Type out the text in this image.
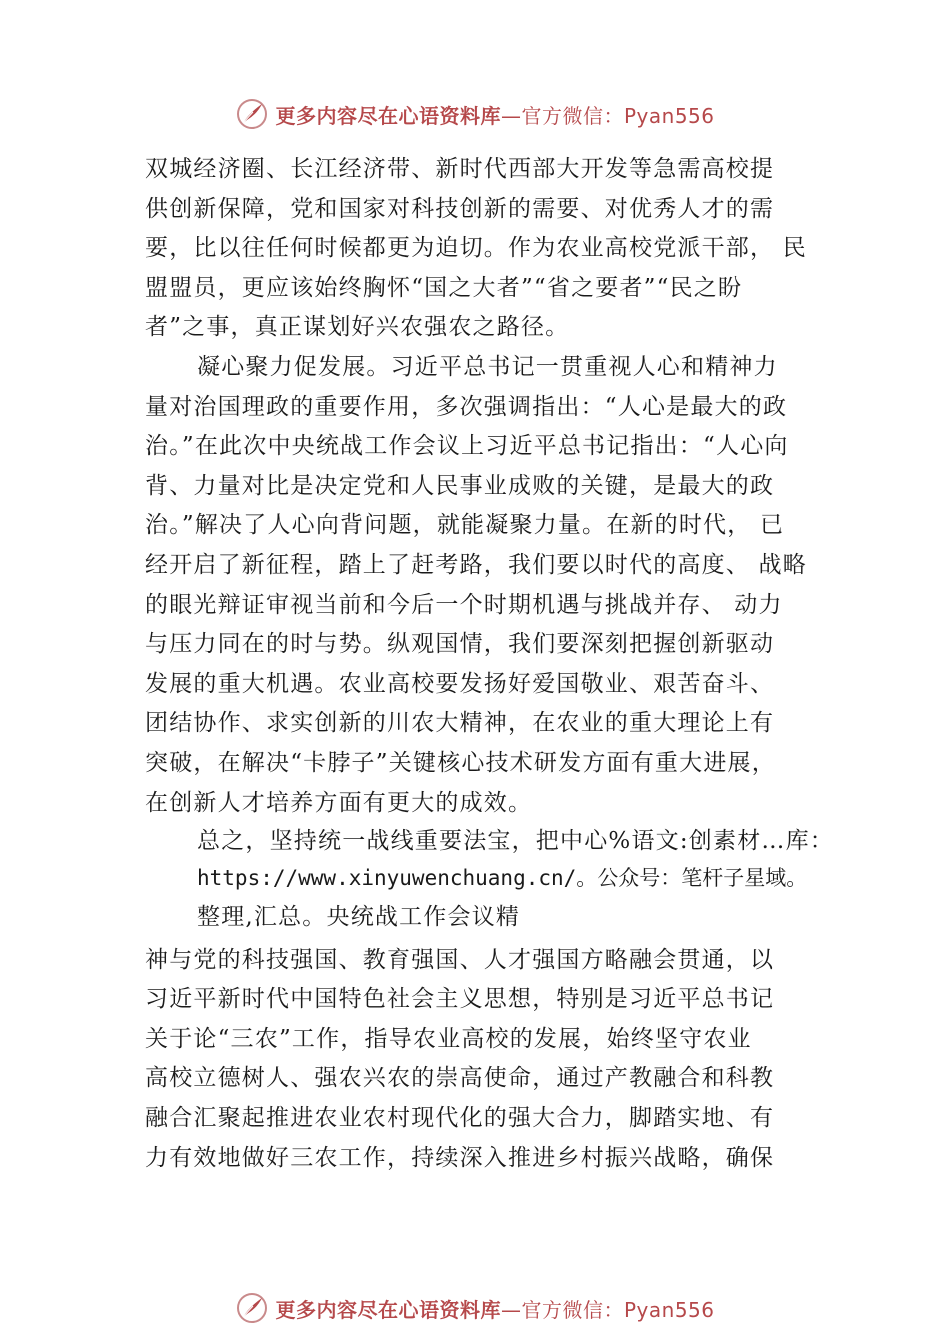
更多内容尽在心语资料库—官方微信：Pyan556
双城经济圈、长江经济带、新时代西部大开发等急需高校提
供创新保障，党和国家对科技创新的需要、对优秀人才的需
要，比以往任何时候都更为迫切。作为农业高校党派干部， 民
盟盟员，更应该始终胸怀“国之大者”“省之要者”“民之盼
者”之事，真正谋划好兴农强农之路径。
凝心聚力促发展。习近平总书记一贯重视人心和精神力
量对治国理政的重要作用，多次强调指出：“人心是最大的政
治。”在此次中央统战工作会议上习近平总书记指出：“人心向
背、力量对比是决定党和人民事业成败的关键，是最大的政
治。”解决了人心向背问题，就能凝聚力量。在新的时代， 已
经开启了新征程，踏上了赶考路，我们要以时代的高度、 战略
的眼光辩证审视当前和今后一个时期机遇与挑战并存、 动力
与压力同在的时与势。纵观国情，我们要深刻把握创新驱动
发展的重大机遇。农业高校要发扬好爱国敬业、艰苦奋斗、
团结协作、求实创新的川农大精神，在农业的重大理论上有
突破，在解决“卡脖子”关键核心技术研发方面有重大进展，
在创新人才培养方面有更大的成效。
总之，坚持统一战线重要法宝，把中心%语文:创素材…库：
https://www.xinyuwenchuang.cn/。公众号：笔杆子星域。
整理,汇总。央统战工作会议精
神与党的科技强国、教育强国、人才强国方略融会贯通，以
习近平新时代中国特色社会主义思想，特别是习近平总书记
关于论“三农”工作，指导农业高校的发展，始终坚守农业
高校立德树人、强农兴农的崇高使命，通过产教融合和科教
融合汇聚起推进农业农村现代化的强大合力，脚踏实地、有
力有效地做好三农工作，持续深入推进乡村振兴战略，确保
更多内容尽在心语资料库—官方微信：Pyan556
